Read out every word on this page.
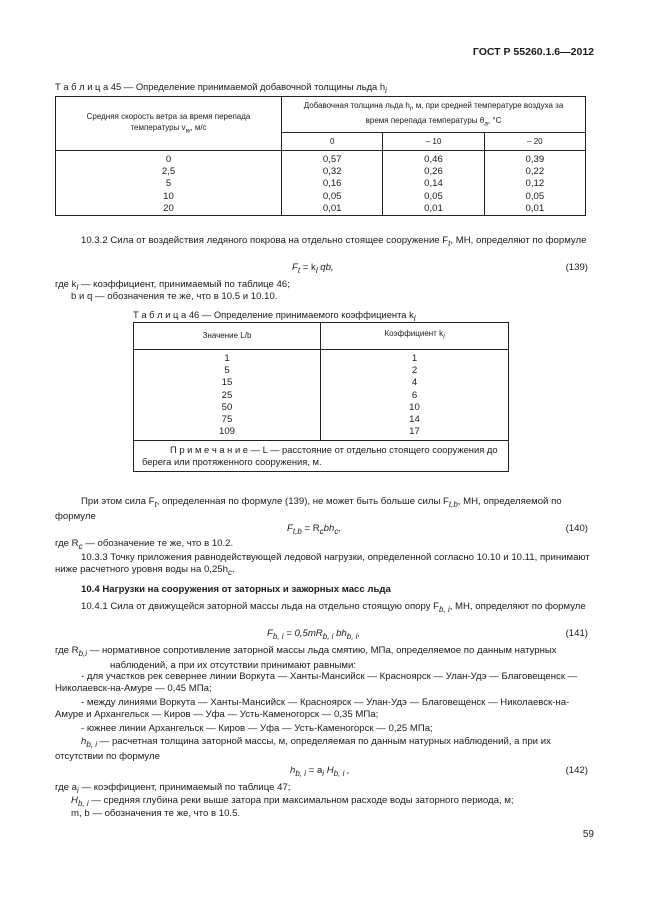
ГОСТ Р 55260.1.6—2012
Т а б л и ц а 45 — Определение принимаемой добавочной толщины льда $h_i$
Средняя скорость ветра за время перепада температуры $v_w$, м/с	Добавочная толщина льда $h_i$, м, при средней температуре воздуха за время перепада температуры $\theta_a$, °С		
	0	– 10	– 20
0	0,57	0,46	0,39
2,5	0,32	0,26	0,22
5	0,16	0,14	0,12
10	0,05	0,05	0,05
20	0,01	0,01	0,01
10.3.2 Сила от воздействия ледяного покрова на отдельно стоящее сооружение $F_t$, МН, определяют по формуле
$F_t = k_l$ qb,	(139)
где $k_l$ — коэффициент, принимаемый по таблице 46;
b и q — обозначения те же, что в 10.5 и 10.10.
Т а б л и ц а 46 — Определение принимаемого коэффициента $k_l$
Значение L/b	Коэффициент $k_l$
1	1
5	2
15	4
25	6
50	10
75	14
109	17

П р и м е ч а н и е — L — расстояние от отдельно стоящего сооружения до берега или протяженного сооружения, м.	
При этом сила $F_t$, определенная по формуле (139), не может быть больше силы $F_{t,b}$, МН, определяемой по формуле
$F_{t,b} = R_cbh_c$,	(140)
где $R_c$ — обозначение те же, что в 10.2.
10.3.3 Точку приложения равнодействующей ледовой нагрузки, определенной согласно 10.10 и 10.11, принимают ниже расчетного уровня воды на $0,25h_c$.
10.4 Нагрузки на сооружения от заторных и зажорных масс льда
10.4.1 Сила от движущейся заторной массы льда на отдельно стоящую опору $F_{b, i}$, МН, определяют по формуле
$F_{b, i} = 0,5mR_{b, i}$ $bh_{b, i}$,	(141)
где $R_{b,i}$ — нормативное сопротивление заторной массы льда смятию, МПа, определяемое по данным натурных наблюдений, а при их отсутствии принимают равными:
- для участков рек севернее линии Воркута — Ханты-Мансийск — Красноярск — Улан-Удэ — Благовещенск — Николаевск-на-Амуре — 0,45 МПа;
- между линиями Воркута — Ханты-Мансийск — Красноярск — Улан-Удэ — Благовещенск — Николаевск-на-Амуре и Архангельск — Киров — Уфа — Усть-Каменогорск — 0,35 МПа;
- южнее линии Архангельск — Киров — Уфа — Усть-Каменогорск — 0,25 МПа;
$h_{b, i}$ — расчетная толщина заторной массы, м, определяемая по данным натурных наблюдений, а при их отсутствии по формуле
$h_{b, i} = a_i$ $H_{b, i}$ ,	(142)
где $a_i$ — коэффициент, принимаемый по таблице 47;
$H_{b, i}$ — средняя глубина реки выше затора при максимальном расходе воды заторного периода, м;
m, b — обозначения те же, что в 10.5.
59
